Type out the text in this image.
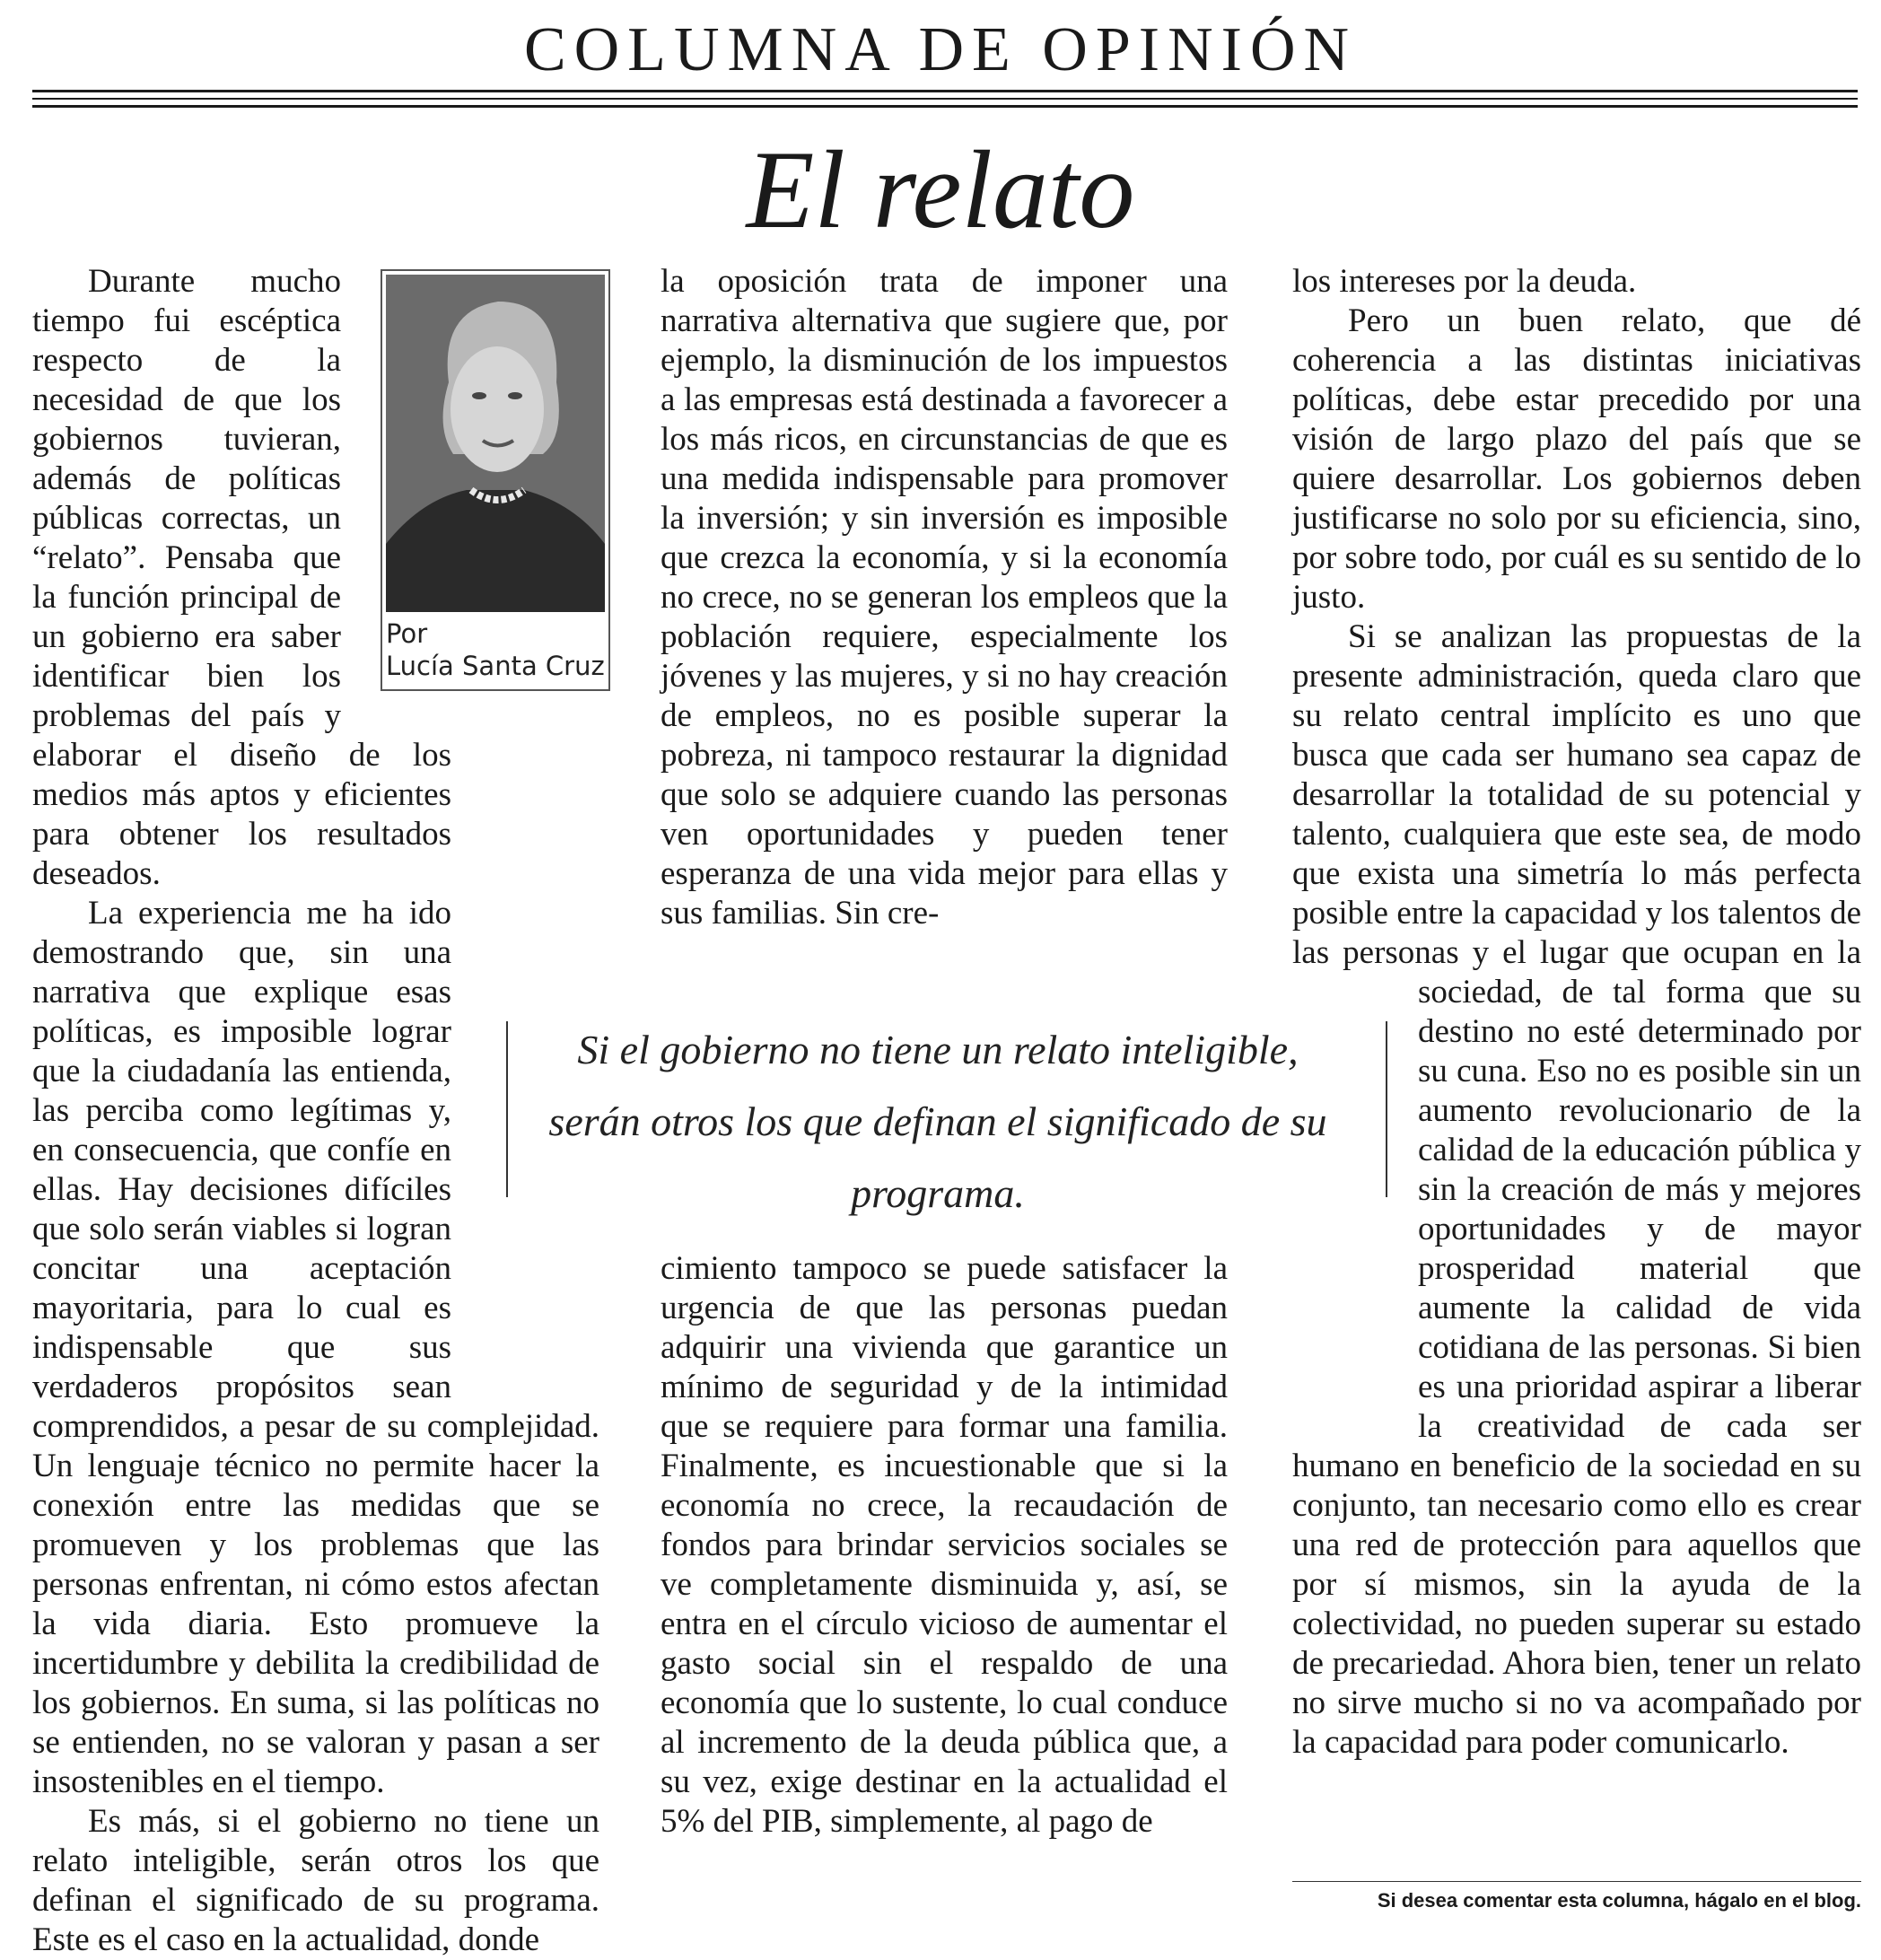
COLUMNA DE OPINIÓN
El relato

Durante mucho tiempo fui escéptica respecto de la necesidad de que los gobiernos tuvieran, además de políticas públicas correctas, un “relato”. Pensaba que la función principal de un gobierno era saber identificar bien los problemas del país y elaborar el diseño de los medios más aptos y eficientes para obtener los resultados deseados.

La experiencia me ha ido demostrando que, sin una narrativa que explique esas políticas, es imposible lograr que la ciudadanía las entienda, las perciba como legítimas y, en consecuencia, que confíe en ellas. Hay decisiones difíciles que solo serán viables si logran concitar una aceptación mayoritaria, para lo cual es indispensable que sus verdaderos propósitos sean comprendidos, a pesar de su complejidad. Un lenguaje técnico no permite hacer la conexión entre las medidas que se promueven y los problemas que las personas enfrentan, ni cómo estos afectan la vida diaria. Esto promueve la incertidumbre y debilita la credibilidad de los gobiernos. En suma, si las políticas no se entienden, no se valoran y pasan a ser insostenibles en el tiempo.

Es más, si el gobierno no tiene un relato inteligible, serán otros los que definan el significado de su programa. Este es el caso en la actualidad, donde

la oposición trata de imponer una narrativa alternativa que sugiere que, por ejemplo, la disminución de los impuestos a las empresas está destinada a favorecer a los más ricos, en circunstancias de que es una medida indispensable para promover la inversión; y sin inversión es imposible que crezca la economía, y si la economía no crece, no se generan los empleos que la población requiere, especialmente los jóvenes y las mujeres, y si no hay creación de empleos, no es posible superar la pobreza, ni tampoco restaurar la dignidad que solo se adquiere cuando las personas ven oportunidades y pueden tener esperanza de una vida mejor para ellas y sus familias. Sin cre-

cimiento tampoco se puede satisfacer la urgencia de que las personas puedan adquirir una vivienda que garantice un mínimo de seguridad y de la intimidad que se requiere para formar una familia. Finalmente, es incuestionable que si la economía no crece, la recaudación de fondos para brindar servicios sociales se ve completamente disminuida y, así, se entra en el círculo vicioso de aumentar el gasto social sin el respaldo de una economía que lo sustente, lo cual conduce al incremento de la deuda pública que, a su vez, exige destinar en la actualidad el 5% del PIB, simplemente, al pago de

los intereses por la deuda.

Pero un buen relato, que dé coherencia a las distintas iniciativas políticas, debe estar precedido por una visión de largo plazo del país que se quiere desarrollar. Los gobiernos deben justificarse no solo por su eficiencia, sino, por sobre todo, por cuál es su sentido de lo justo.

Si se analizan las propuestas de la presente administración, queda claro que su relato central implícito es uno que busca que cada ser humano sea capaz de desarrollar la totalidad de su potencial y talento, cualquiera que este sea, de modo que exista una simetría lo más perfecta posible entre la capacidad y los talentos de las personas y el lugar que ocupan en la sociedad, de tal forma que su destino no esté determinado por su cuna. Eso no es posible sin un aumento revolucionario de la calidad de la educación pública y sin la creación de más y mejores oportunidades y de mayor prosperidad material que aumente la calidad de vida cotidiana de las personas. Si bien es una prioridad aspirar a liberar la creatividad de cada ser humano en beneficio de la sociedad en su conjunto, tan necesario como ello es crear una red de protección para aquellos que por sí mismos, sin la ayuda de la colectividad, no pueden superar su estado de precariedad. Ahora bien, tener un relato no sirve mucho si no va acompañado por la capacidad para poder comunicarlo.

Por
Lucía Santa Cruz
Si el gobierno no tiene un relato inteligible, serán otros los que definan el significado de su programa.
Si desea comentar esta columna, hágalo en el blog.
